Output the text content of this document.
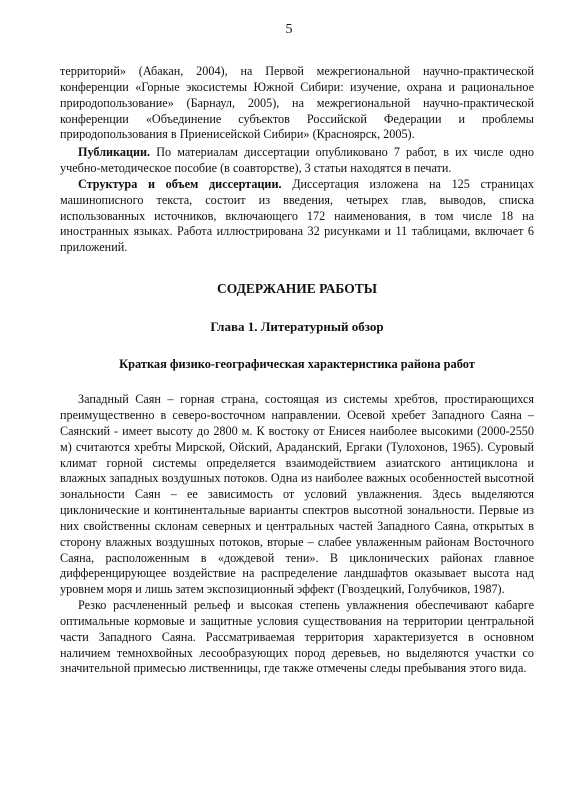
5

территорий» (Абакан, 2004), на Первой межрегиональной научно-практической конференции «Горные экосистемы Южной Сибири: изучение, охрана и рациональное природопользование» (Барнаул, 2005), на межрегиональной научно-практической конференции «Объединение субъектов Российской Федерации и проблемы природопользования в Приенисейской Сибири» (Красноярск, 2005).

Публикации. По материалам диссертации опубликовано 7 работ, в их числе одно учебно-методическое пособие (в соавторстве), 3 статьи находятся в печати.

Структура и объем диссертации. Диссертация изложена на 125 страницах машинописного текста, состоит из введения, четырех глав, выводов, списка использованных источников, включающего 172 наименования, в том числе 18 на иностранных языках. Работа иллюстрирована 32 рисунками и 11 таблицами, включает 6 приложений.

СОДЕРЖАНИЕ РАБОТЫ
Глава 1. Литературный обзор
Краткая физико-географическая характеристика района работ

Западный Саян – горная страна, состоящая из системы хребтов, простирающихся преимущественно в северо-восточном направлении. Осевой хребет Западного Саяна – Саянский - имеет высоту до 2800 м. К востоку от Енисея наиболее высокими (2000-2550 м) считаются хребты Мирской, Ойский, Араданский, Ергаки (Тулохонов, 1965). Суровый климат горной системы определяется взаимодействием азиатского антициклона и влажных западных воздушных потоков. Одна из наиболее важных особенностей высотной зональности Саян – ее зависимость от условий увлажнения. Здесь выделяются циклонические и континентальные варианты спектров высотной зональности. Первые из них свойственны склонам северных и центральных частей Западного Саяна, открытых в сторону влажных воздушных потоков, вторые – слабее увлаженным районам Восточного Саяна, расположенным в «дождевой тени». В циклонических районах главное дифференцирующее воздействие на распределение ландшафтов оказывает высота над уровнем моря и лишь затем экспозиционный эффект (Гвоздецкий, Голубчиков, 1987).

Резко расчлененный рельеф и высокая степень увлажнения обеспечивают кабарге оптимальные кормовые и защитные условия существования на территории центральной части Западного Саяна. Рассматриваемая территория характеризуется в основном наличием темнохвойных лесообразующих пород деревьев, но выделяются участки со значительной примесью лиственницы, где также отмечены следы пребывания этого вида.
